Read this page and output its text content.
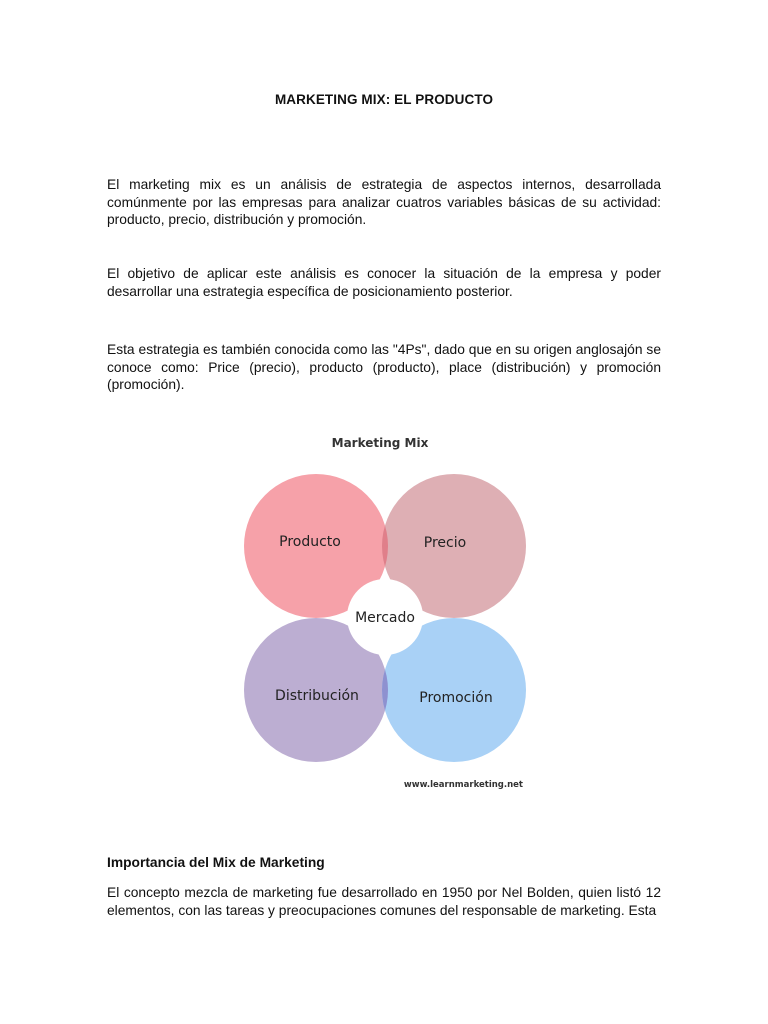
MARKETING MIX: EL PRODUCTO

El marketing mix es un análisis de estrategia de aspectos internos, desarrollada comúnmente por las empresas para analizar cuatros variables básicas de su actividad: producto, precio, distribución y promoción.

El objetivo de aplicar este análisis es conocer la situación de la empresa y poder desarrollar una estrategia específica de posicionamiento posterior.

Esta estrategia es también conocida como las "4Ps", dado que en su origen anglosajón se conoce como: Price (precio), producto (producto), place (distribución) y promoción (promoción).

Marketing Mix
Mercado
Producto	Precio
Distribución	Promoción
www.learnmarketing.net
Importancia del Mix de Marketing

El concepto mezcla de marketing fue desarrollado en 1950 por Nel Bolden, quien listó 12 elementos, con las tareas y preocupaciones comunes del responsable de marketing. Esta
